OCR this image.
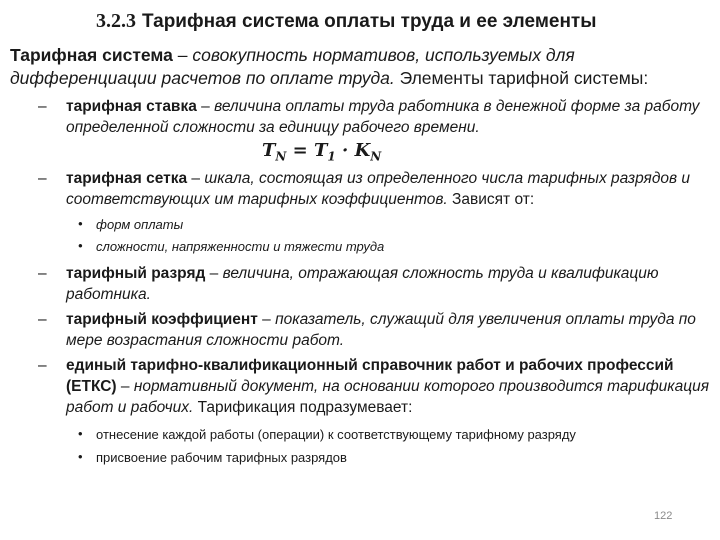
3.2.3 Тарифная система оплаты труда и ее элементы
Тарифная система – совокупность нормативов, используемых для дифференциации расчетов по оплате труда. Элементы тарифной системы:
– тарифная ставка – величина оплаты труда работника в денежной форме за работу определенной сложности за единицу рабочего времени.
$T_N = T_1 \cdot K_N$
– тарифная сетка – шкала, состоящая из определенного числа тарифных разрядов и соответствующих им тарифных коэффициентов. Зависят от:
• форм оплаты
• сложности, напряженности и тяжести труда
– тарифный разряд – величина, отражающая сложность труда и квалификацию работника.
– тарифный коэффициент – показатель, служащий для увеличения оплаты труда по мере возрастания сложности работ.
– единый тарифно-квалификационный справочник работ и рабочих профессий (ЕТКС) – нормативный документ, на основании которого производится тарификация работ и рабочих. Тарификация подразумевает:
• отнесение каждой работы (операции) к соответствующему тарифному разряду
• присвоение рабочим тарифных разрядов
122
